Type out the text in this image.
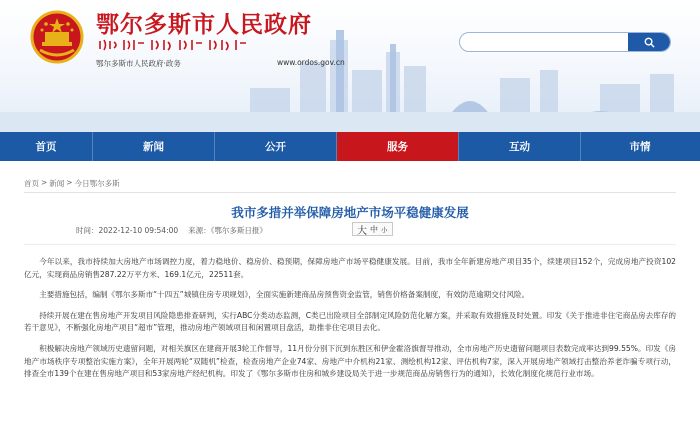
鄂尔多斯市人民政府
鄂尔多斯市人民政府·政务	www.ordos.gov.cn
首页	新闻	公开	服务	互动	市情
首页 > 新闻 > 今日鄂尔多斯
我市多措并举保障房地产市场平稳健康发展
时间：2022-12-10 09:54:00 来源：《鄂尔多斯日报》	大 中 小

今年以来，我市持续加大房地产市场调控力度，着力稳地价、稳房价、稳预期，保障房地产市场平稳健康发展。目前，我市全年新建房地产项目35个，续建项目152个，完成房地产投资102亿元，实现商品房销售287.22万平方米、169.1亿元，22511套。

主要措施包括，编制《鄂尔多斯市“十四五”城镇住房专项规划》，全面实施新建商品房预售资金监管，销售价格备案制度，有效防范逾期交付风险。

持续开展在建在售房地产开发项目风险隐患排查研判，实行ABC分类动态监测，C类已出险项目全部制定风险防范化解方案，并采取有效措施及时处置。印发《关于推进非住宅商品房去库存的若干意见》，不断强化房地产项目“超市”管理，推动房地产领域项目和闲置项目盘活，助推非住宅项目去化。

积极解决房地产领域历史遗留问题，对相关旗区在建商开展3轮工作督导，11月份分别下沉到东胜区和伊金霍洛旗督导推动，全市房地产历史遗留问题项目表数完成率达到99.55%。印发《房地产市场秩序专项整治实施方案》，全年开展两轮“双随机”检查，检查房地产企业74家、房地产中介机构21家、测绘机构12家、评估机构7家，深入开展房地产领域打击整治养老诈骗专项行动，排查全市139个在建在售房地产项目和53家房地产经纪机构。印发了《鄂尔多斯市住房和城乡建设局关于进一步规范商品房销售行为的通知》，长效化制度化规范行业市场。
